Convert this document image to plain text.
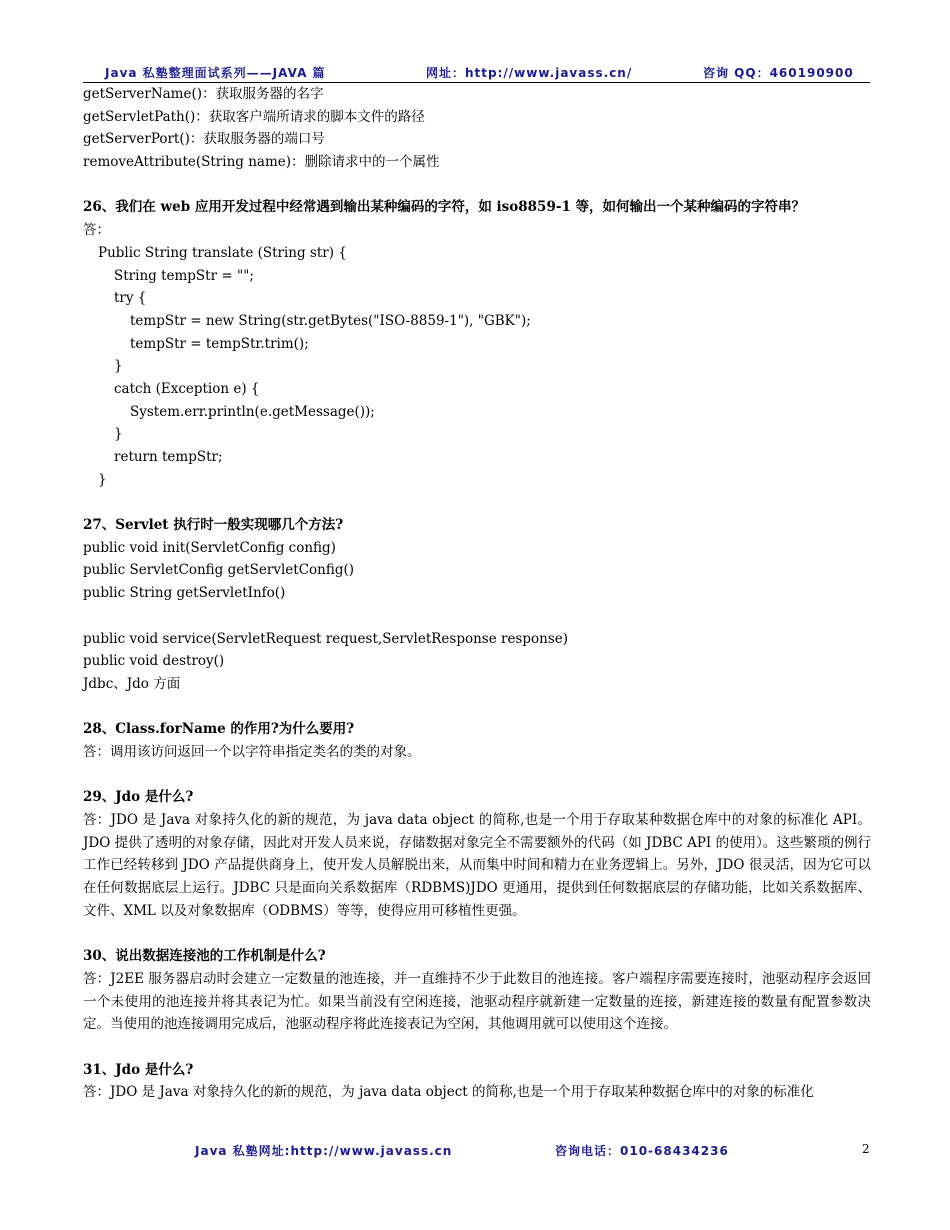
Java 私塾整理面试系列——JAVA 篇	网址：http://www.javass.cn/	咨询 QQ：460190900
getServerName()：获取服务器的名字
getServletPath()：获取客户端所请求的脚本文件的路径
getServerPort()：获取服务器的端口号
removeAttribute(String name)：删除请求中的一个属性
26、我们在 web 应用开发过程中经常遇到输出某种编码的字符，如 iso8859-1 等，如何输出一个某种编码的字符串？
答：
Public String translate (String str) {
String tempStr = "";
try {
tempStr = new String(str.getBytes("ISO-8859-1"), "GBK");
tempStr = tempStr.trim();
}
catch (Exception e) {
System.err.println(e.getMessage());
}
return tempStr;
}
27、Servlet 执行时一般实现哪几个方法?
public void init(ServletConfig config)
public ServletConfig getServletConfig()
public String getServletInfo()
public void service(ServletRequest request,ServletResponse response)
public void destroy()
Jdbc、Jdo 方面
28、Class.forName 的作用?为什么要用?
答：调用该访问返回一个以字符串指定类名的类的对象。
29、Jdo 是什么?
答：JDO 是 Java 对象持久化的新的规范，为 java data object 的简称,也是一个用于存取某种数据仓库中的对象的标准化 API。JDO 提供了透明的对象存储，因此对开发人员来说，存储数据对象完全不需要额外的代码（如 JDBC API 的使用）。这些繁琐的例行工作已经转移到 JDO 产品提供商身上，使开发人员解脱出来，从而集中时间和精力在业务逻辑上。另外，JDO 很灵活，因为它可以在任何数据底层上运行。JDBC 只是面向关系数据库（RDBMS)JDO 更通用，提供到任何数据底层的存储功能，比如关系数据库、文件、XML 以及对象数据库（ODBMS）等等，使得应用可移植性更强。
30、说出数据连接池的工作机制是什么?
答：J2EE 服务器启动时会建立一定数量的池连接，并一直维持不少于此数目的池连接。客户端程序需要连接时，池驱动程序会返回一个未使用的池连接并将其表记为忙。如果当前没有空闲连接，池驱动程序就新建一定数量的连接，新建连接的数量有配置参数决定。当使用的池连接调用完成后，池驱动程序将此连接表记为空闲，其他调用就可以使用这个连接。
31、Jdo 是什么?
答：JDO 是 Java 对象持久化的新的规范，为 java data object 的简称,也是一个用于存取某种数据仓库中的对象的标准化
Java 私塾网址:http://www.javass.cn	咨询电话：010-68434236	2
